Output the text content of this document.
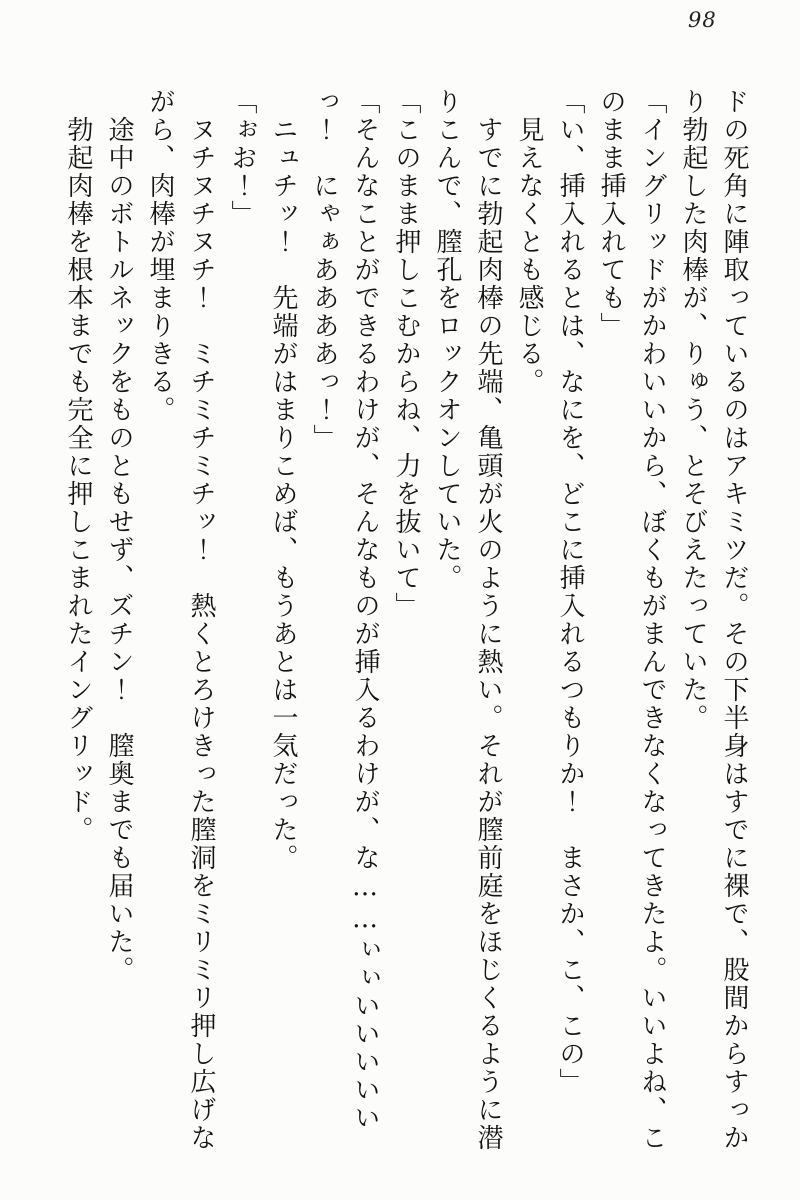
98
ドの死角に陣取っているのはアキミツだ。その下半身はすでに裸で、股間からすっか
り勃起した肉棒が、りゅう、とそびえたっていた。
「イングリッドがかわいいから、ぼくもがまんできなくなってきたよ。いいよね、こ
のまま挿入れても」
「い、挿入れるとは、なにを、どこに挿入れるつもりか！　まさか、こ、この」
見えなくとも感じる。
すでに勃起肉棒の先端、亀頭が火のように熱い。それが膣前庭をほじくるように潜
りこんで、膣孔をロックオンしていた。
「このまま押しこむからね、力を抜いて」
「そんなことができるわけが、そんなものが挿入るわけが、な……ぃぃいいいいい
っ！　にゃぁああああっ！」
ニュチッ！　先端がはまりこめば、もうあとは一気だった。
「ぉお！」
ヌチヌチヌチ！　ミチミチミチッ！　熱くとろけきった膣洞をミリミリ押し広げな
がら、肉棒が埋まりきる。
途中のボトルネックをものともせず、ズチン！　膣奥までも届いた。
勃起肉棒を根本までも完全に押しこまれたイングリッド。
